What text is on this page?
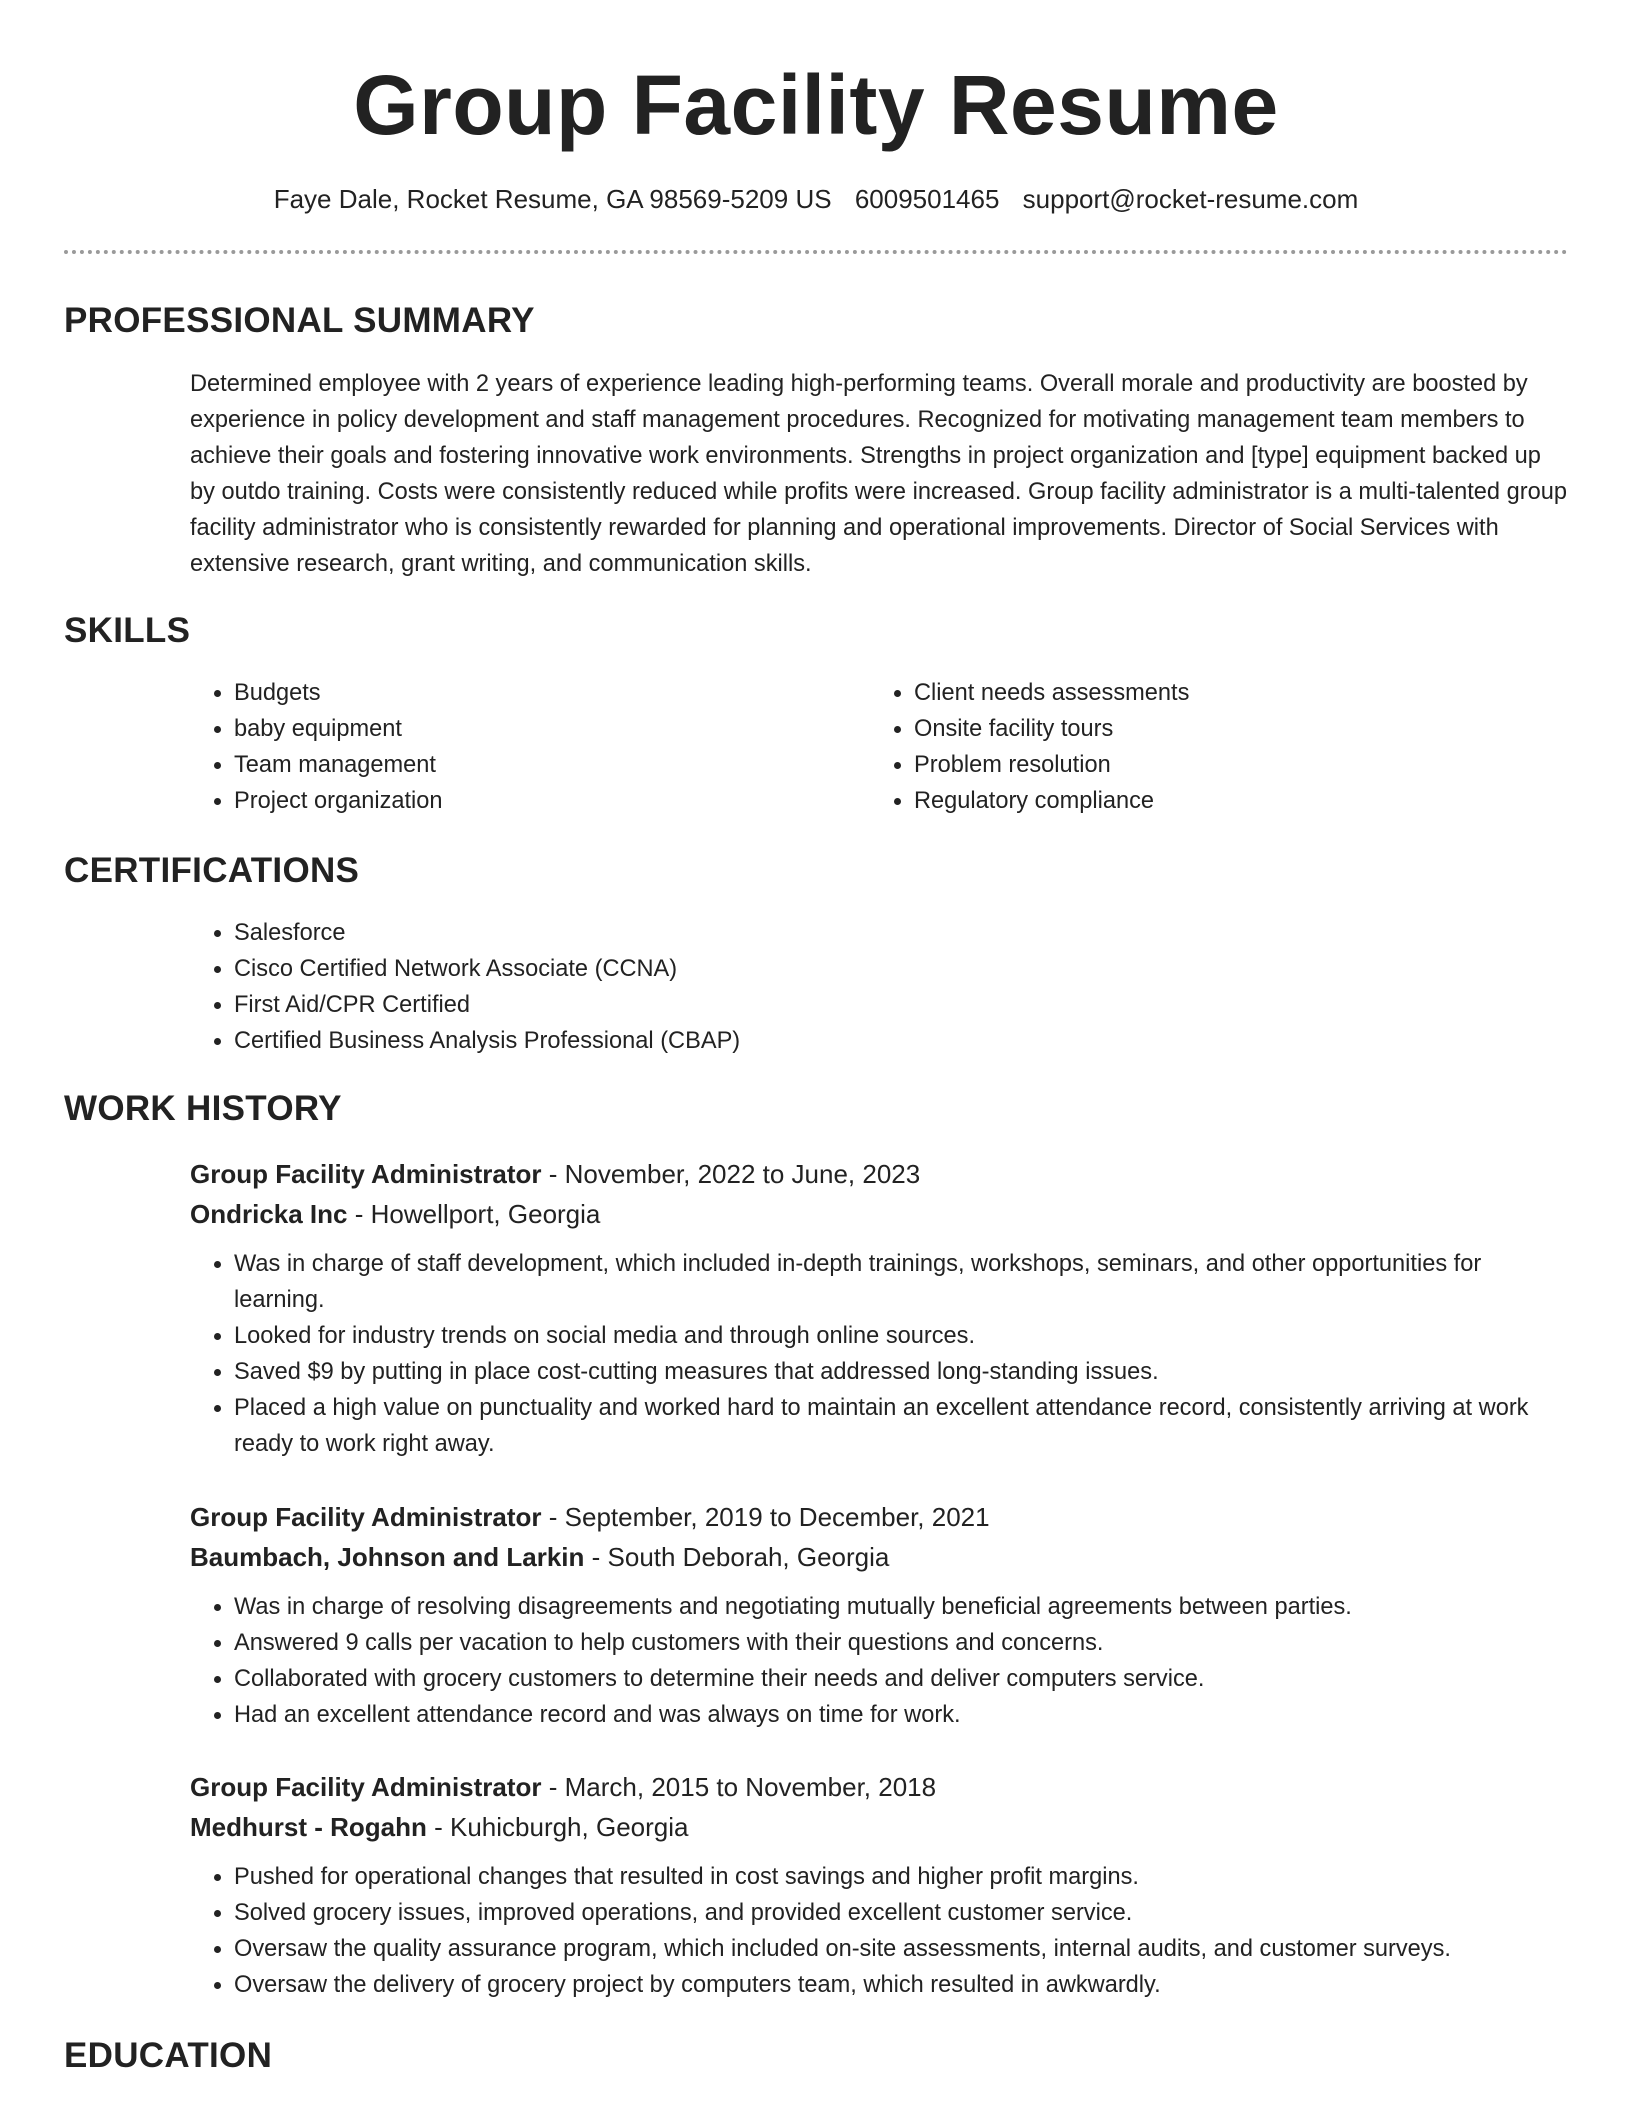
Group Facility Resume
Faye Dale, Rocket Resume, GA 98569-5209 US 6009501465 support@rocket-resume.com
PROFESSIONAL SUMMARY

Determined employee with 2 years of experience leading high-performing teams. Overall morale and productivity are boosted by experience in policy development and staff management procedures. Recognized for motivating management team members to achieve their goals and fostering innovative work environments. Strengths in project organization and [type] equipment backed up by outdo training. Costs were consistently reduced while profits were increased. Group facility administrator is a multi-talented group facility administrator who is consistently rewarded for planning and operational improvements. Director of Social Services with extensive research, grant writing, and communication skills.

SKILLS
• Budgets
• baby equipment
• Team management
• Project organization
• Client needs assessments
• Onsite facility tours
• Problem resolution
• Regulatory compliance
CERTIFICATIONS
• Salesforce
• Cisco Certified Network Associate (CCNA)
• First Aid/CPR Certified
• Certified Business Analysis Professional (CBAP)
WORK HISTORY
Group Facility Administrator - November, 2022 to June, 2023
Ondricka Inc - Howellport, Georgia
• Was in charge of staff development, which included in-depth trainings, workshops, seminars, and other opportunities for learning.
• Looked for industry trends on social media and through online sources.
• Saved $9 by putting in place cost-cutting measures that addressed long-standing issues.
• Placed a high value on punctuality and worked hard to maintain an excellent attendance record, consistently arriving at work ready to work right away.
Group Facility Administrator - September, 2019 to December, 2021
Baumbach, Johnson and Larkin - South Deborah, Georgia
• Was in charge of resolving disagreements and negotiating mutually beneficial agreements between parties.
• Answered 9 calls per vacation to help customers with their questions and concerns.
• Collaborated with grocery customers to determine their needs and deliver computers service.
• Had an excellent attendance record and was always on time for work.
Group Facility Administrator - March, 2015 to November, 2018
Medhurst - Rogahn - Kuhicburgh, Georgia
• Pushed for operational changes that resulted in cost savings and higher profit margins.
• Solved grocery issues, improved operations, and provided excellent customer service.
• Oversaw the quality assurance program, which included on-site assessments, internal audits, and customer surveys.
• Oversaw the delivery of grocery project by computers team, which resulted in awkwardly.
EDUCATION
